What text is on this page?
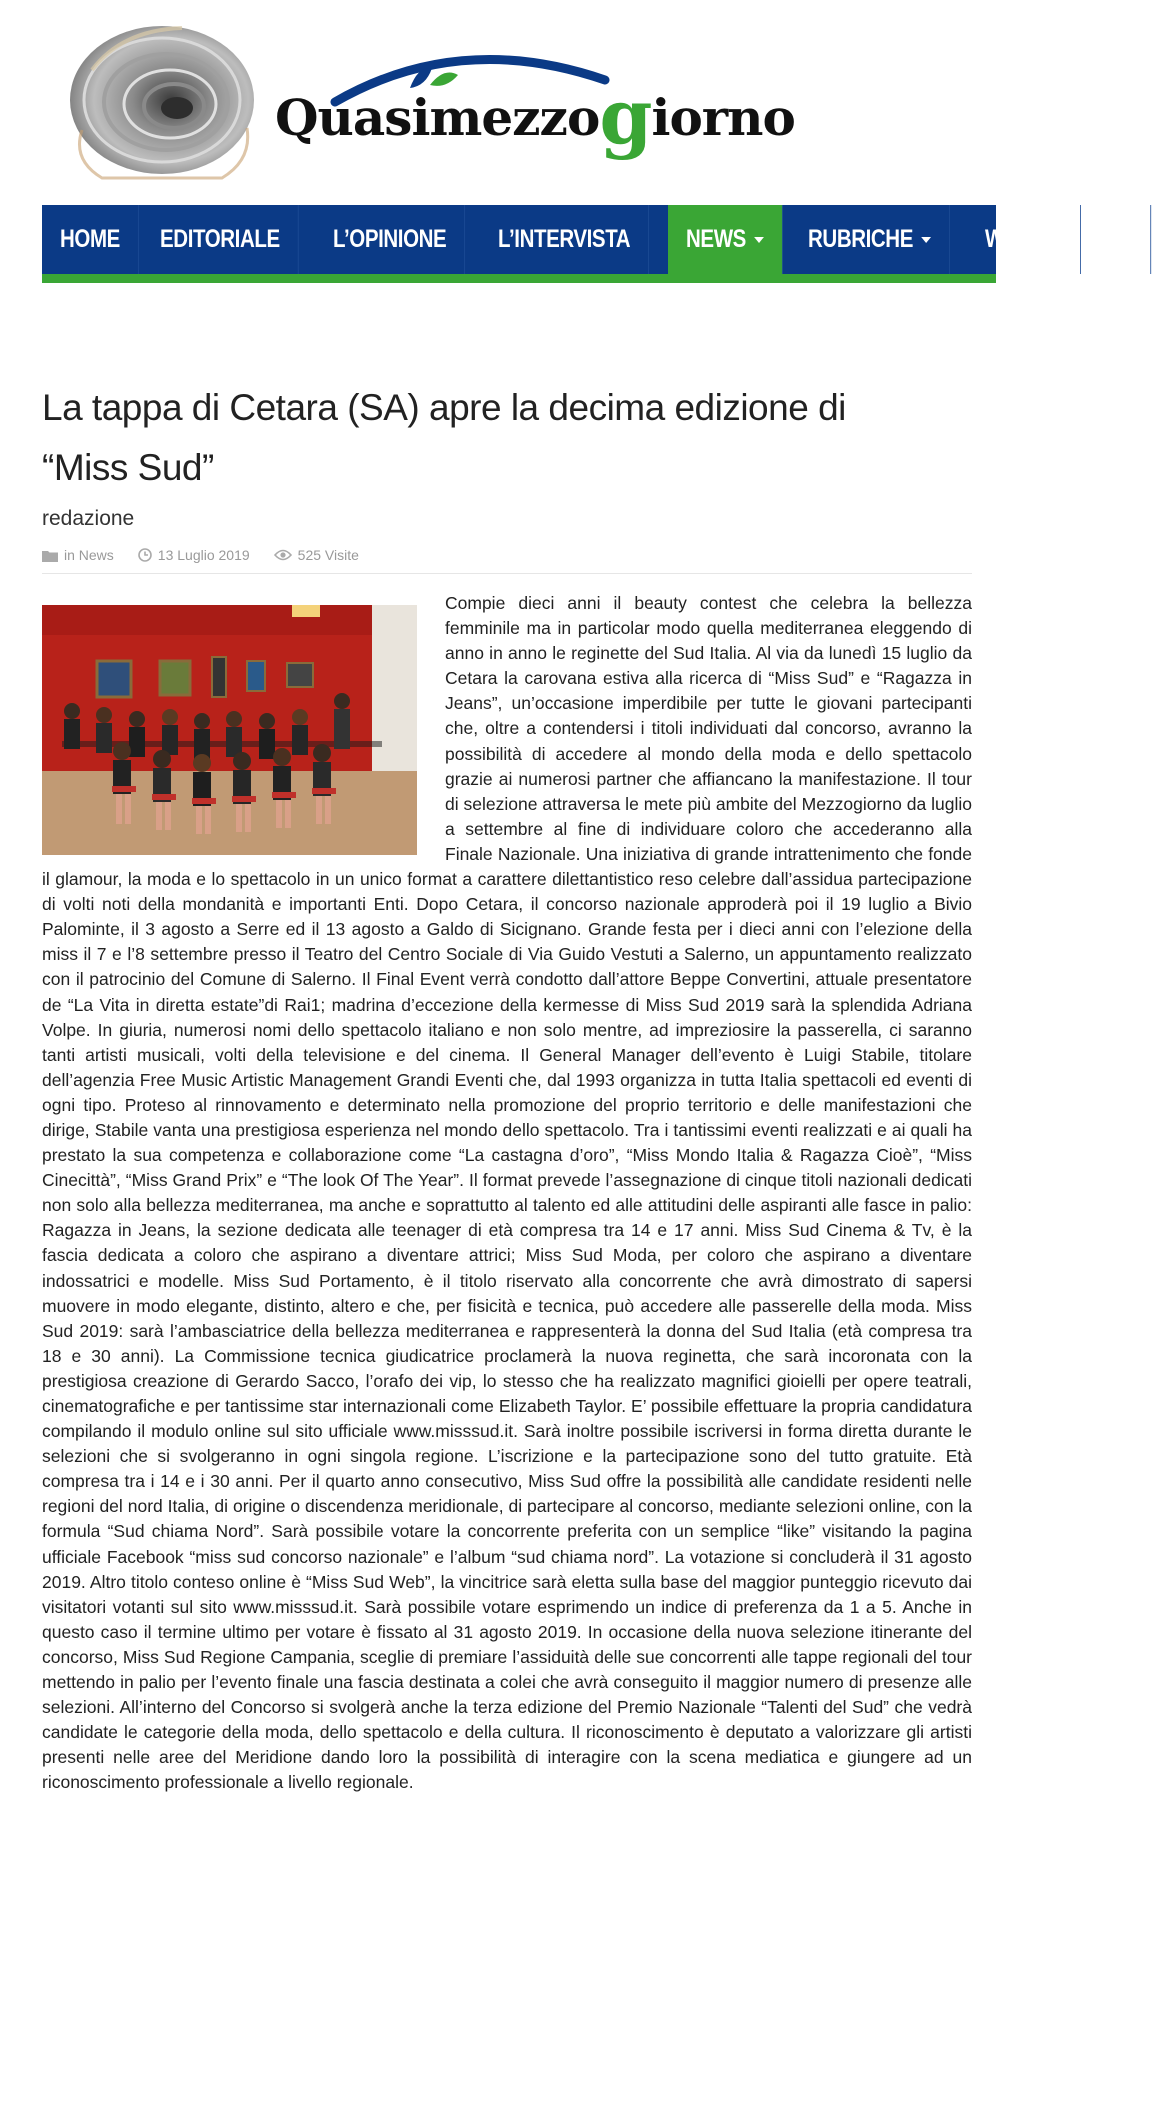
Quasimezzogiorno
HOME EDITORIALE L’OPINIONE L’INTERVISTA NEWS RUBRICHE	WEB TV LA
La tappa di Cetara (SA) apre la decima edizione di “Miss Sud”
redazione
in News	13 Luglio 2019	525 Visite
Compie dieci anni il beauty contest che celebra la bellezza femminile ma in particolar modo quella mediterranea eleggendo di anno in anno le reginette del Sud Italia. Al via da lunedì 15 luglio da Cetara la carovana estiva alla ricerca di “Miss Sud” e “Ragazza in Jeans”, un’occasione imperdibile per tutte le giovani partecipanti che, oltre a contendersi i titoli individuati dal concorso, avranno la possibilità di accedere al mondo della moda e dello spettacolo grazie ai numerosi partner che affiancano la manifestazione. Il tour di selezione attraversa le mete più ambite del Mezzogiorno da luglio a settembre al fine di individuare coloro che accederanno alla Finale Nazionale. Una iniziativa di grande intrattenimento che fonde il glamour, la moda e lo spettacolo in un unico format a carattere dilettantistico reso celebre dall’assidua partecipazione di volti noti della mondanità e importanti Enti. Dopo Cetara, il concorso nazionale approderà poi il 19 luglio a Bivio Palominte, il 3 agosto a Serre ed il 13 agosto a Galdo di Sicignano. Grande festa per i dieci anni con l’elezione della miss il 7 e l’8 settembre presso il Teatro del Centro Sociale di Via Guido Vestuti a Salerno, un appuntamento realizzato con il patrocinio del Comune di Salerno. Il Final Event verrà condotto dall’attore Beppe Convertini, attuale presentatore de “La Vita in diretta estate”di Rai1; madrina d’eccezione della kermesse di Miss Sud 2019 sarà la splendida Adriana Volpe. In giuria, numerosi nomi dello spettacolo italiano e non solo mentre, ad impreziosire la passerella, ci saranno tanti artisti musicali, volti della televisione e del cinema. Il General Manager dell’evento è Luigi Stabile, titolare dell’agenzia Free Music Artistic Management Grandi Eventi che, dal 1993 organizza in tutta Italia spettacoli ed eventi di ogni tipo. Proteso al rinnovamento e determinato nella promozione del proprio territorio e delle manifestazioni che dirige, Stabile vanta una prestigiosa esperienza nel mondo dello spettacolo. Tra i tantissimi eventi realizzati e ai quali ha prestato la sua competenza e collaborazione come “La castagna d’oro”, “Miss Mondo Italia & Ragazza Cioè”, “Miss Cinecittà”, “Miss Grand Prix” e “The look Of The Year”. Il format prevede l’assegnazione di cinque titoli nazionali dedicati non solo alla bellezza mediterranea, ma anche e soprattutto al talento ed alle attitudini delle aspiranti alle fasce in palio: Ragazza in Jeans, la sezione dedicata alle teenager di età compresa tra 14 e 17 anni. Miss Sud Cinema & Tv, è la fascia dedicata a coloro che aspirano a diventare attrici; Miss Sud Moda, per coloro che aspirano a diventare indossatrici e modelle. Miss Sud Portamento, è il titolo riservato alla concorrente che avrà dimostrato di sapersi muovere in modo elegante, distinto, altero e che, per fisicità e tecnica, può accedere alle passerelle della moda. Miss Sud 2019: sarà l’ambasciatrice della bellezza mediterranea e rappresenterà la donna del Sud Italia (età compresa tra 18 e 30 anni). La Commissione tecnica giudicatrice proclamerà la nuova reginetta, che sarà incoronata con la prestigiosa creazione di Gerardo Sacco, l’orafo dei vip, lo stesso che ha realizzato magnifici gioielli per opere teatrali, cinematografiche e per tantissime star internazionali come Elizabeth Taylor. E’ possibile effettuare la propria candidatura compilando il modulo online sul sito ufficiale www.misssud.it. Sarà inoltre possibile iscriversi in forma diretta durante le selezioni che si svolgeranno in ogni singola regione. L’iscrizione e la partecipazione sono del tutto gratuite. Età compresa tra i 14 e i 30 anni. Per il quarto anno consecutivo, Miss Sud offre la possibilità alle candidate residenti nelle regioni del nord Italia, di origine o discendenza meridionale, di partecipare al concorso, mediante selezioni online, con la formula “Sud chiama Nord”. Sarà possibile votare la concorrente preferita con un semplice “like” visitando la pagina ufficiale Facebook “miss sud concorso nazionale” e l’album “sud chiama nord”. La votazione si concluderà il 31 agosto 2019. Altro titolo conteso online è “Miss Sud Web”, la vincitrice sarà eletta sulla base del maggior punteggio ricevuto dai visitatori votanti sul sito www.misssud.it. Sarà possibile votare esprimendo un indice di preferenza da 1 a 5. Anche in questo caso il termine ultimo per votare è fissato al 31 agosto 2019. In occasione della nuova selezione itinerante del concorso, Miss Sud Regione Campania, sceglie di premiare l’assiduità delle sue concorrenti alle tappe regionali del tour mettendo in palio per l’evento finale una fascia destinata a colei che avrà conseguito il maggior numero di presenze alle selezioni. All’interno del Concorso si svolgerà anche la terza edizione del Premio Nazionale “Talenti del Sud” che vedrà candidate le categorie della moda, dello spettacolo e della cultura. Il riconoscimento è deputato a valorizzare gli artisti presenti nelle aree del Meridione dando loro la possibilità di interagire con la scena mediatica e giungere ad un riconoscimento professionale a livello regionale.
